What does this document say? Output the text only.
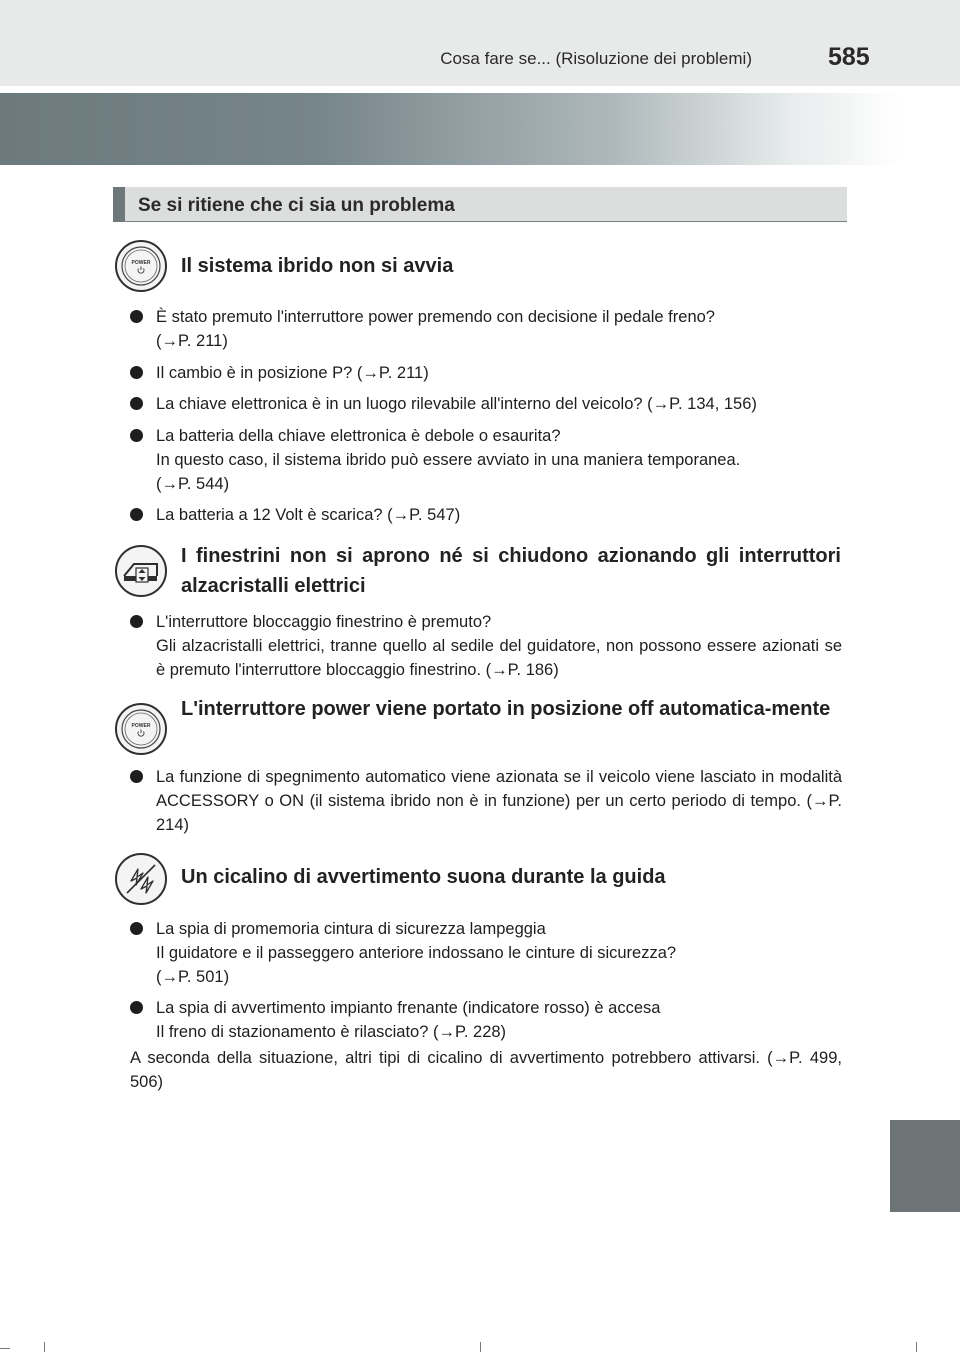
Cosa fare se... (Risoluzione dei problemi)	585
Se si ritiene che ci sia un problema
POWER Il sistema ibrido non si avvia
È stato premuto l'interruttore power premendo con decisione il pedale freno?
(→P. 211)
Il cambio è in posizione P? (→P. 211)
La chiave elettronica è in un luogo rilevabile all'interno del veicolo? (→P. 134, 156)
La batteria della chiave elettronica è debole o esaurita?
In questo caso, il sistema ibrido può essere avviato in una maniera temporanea.
(→P. 544)
La batteria a 12 Volt è scarica? (→P. 547)
I finestrini non si aprono né si chiudono azionando gli interruttori alzacristalli elettrici
L'interruttore bloccaggio finestrino è premuto?
Gli alzacristalli elettrici, tranne quello al sedile del guidatore, non possono essere azionati se è premuto l'interruttore bloccaggio finestrino. (→P. 186)
POWER
L'interruttore power viene portato in posizione off automatica-mente
La funzione di spegnimento automatico viene azionata se il veicolo viene lasciato in modalità ACCESSORY o ON (il sistema ibrido non è in funzione) per un certo periodo di tempo. (→P. 214)
Un cicalino di avvertimento suona durante la guida
La spia di promemoria cintura di sicurezza lampeggia
Il guidatore e il passeggero anteriore indossano le cinture di sicurezza?
(→P. 501)
La spia di avvertimento impianto frenante (indicatore rosso) è accesa
Il freno di stazionamento è rilasciato? (→P. 228)
A seconda della situazione, altri tipi di cicalino di avvertimento potrebbero attivarsi. (→P. 499, 506)
